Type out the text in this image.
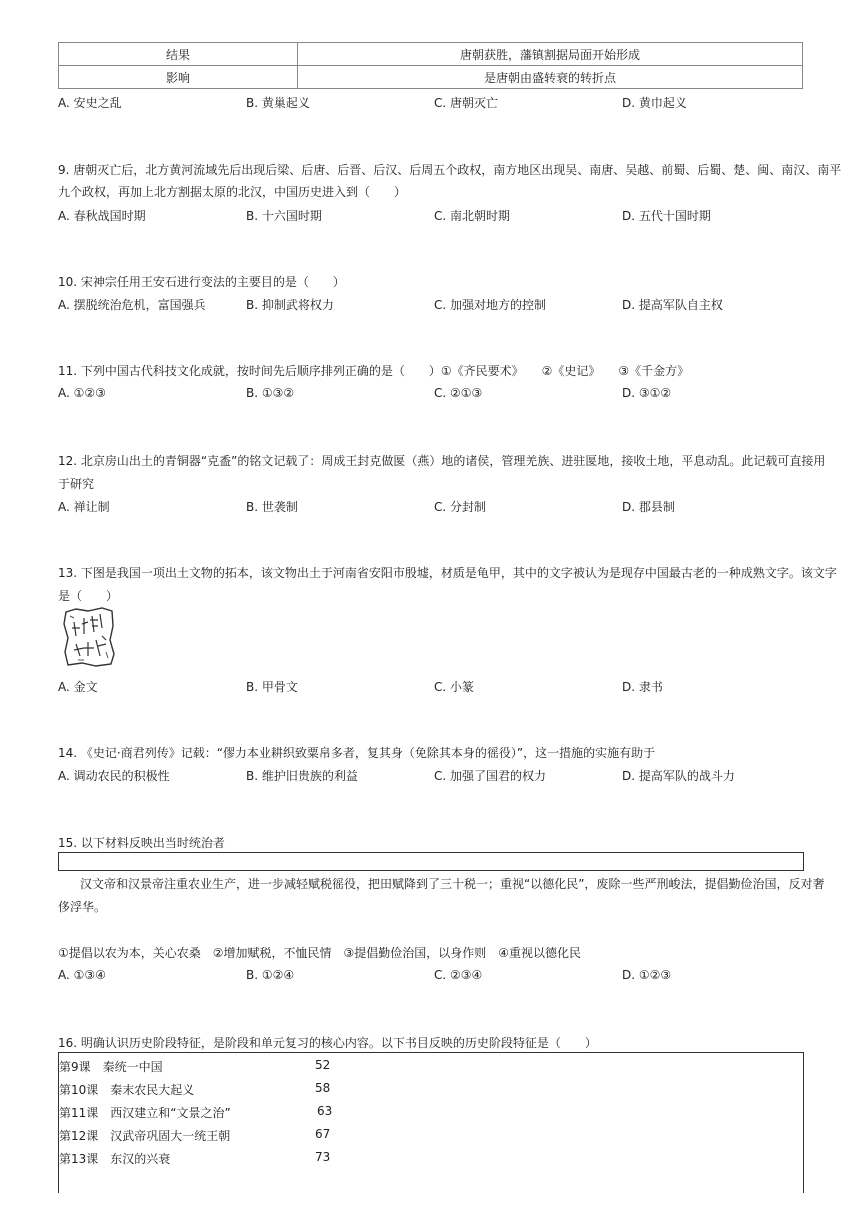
结果	唐朝获胜，藩镇割据局面开始形成
影响	是唐朝由盛转衰的转折点
A. 安史之乱	B. 黄巢起义	C. 唐朝灭亡	D. 黄巾起义
9. 唐朝灭亡后，北方黄河流域先后出现后梁、后唐、后晋、后汉、后周五个政权，南方地区出现吴、南唐、吴越、前蜀、后蜀、楚、闽、南汉、南平
九个政权，再加上北方割据太原的北汉，中国历史进入到（　　）
A. 春秋战国时期	B. 十六国时期	C. 南北朝时期	D. 五代十国时期
10. 宋神宗任用王安石进行变法的主要目的是（　　）
A. 摆脱统治危机，富国强兵	B. 抑制武将权力	C. 加强对地方的控制	D. 提高军队自主权
11. 下列中国古代科技文化成就，按时间先后顺序排列正确的是（　　）①《齐民要术》　　②《史记》　　③《千金方》
A. ①②③	B. ①③②	C. ②①③	D. ③①②
12. 北京房山出土的青铜器“克盉”的铭文记载了：周成王封克做匽（燕）地的诸侯，管理羌族、进驻匽地，接收土地，平息动乱。此记载可直接用
于研究
A. 禅让制	B. 世袭制	C. 分封制	D. 郡县制
13. 下图是我国一项出土文物的拓本，该文物出土于河南省安阳市殷墟，材质是龟甲，其中的文字被认为是现存中国最古老的一种成熟文字。该文字
是（　　）
A. 金文	B. 甲骨文	C. 小篆	D. 隶书
14. 《史记·商君列传》记载：“僇力本业耕织致粟帛多者，复其身（免除其本身的徭役）”，这一措施的实施有助于
A. 调动农民的积极性	B. 维护旧贵族的利益	C. 加强了国君的权力	D. 提高军队的战斗力
15. 以下材料反映出当时统治者
汉文帝和汉景帝注重农业生产，进一步减轻赋税徭役，把田赋降到了三十税一；重视“以德化民”，废除一些严刑峻法，提倡勤俭治国，反对奢
侈浮华。
①提倡以农为本，关心农桑　②增加赋税，不恤民情　③提倡勤俭治国，以身作则　④重视以德化民
A. ①③④	B. ①②④	C. ②③④	D. ①②③
16. 明确认识历史阶段特征，是阶段和单元复习的核心内容。以下书目反映的历史阶段特征是（　　）
第9课　秦统一中国	52
第10课　秦末农民大起义	58
第11课　西汉建立和“文景之治”	63
第12课　汉武帝巩固大一统王朝	67
第13课　东汉的兴衰	73
